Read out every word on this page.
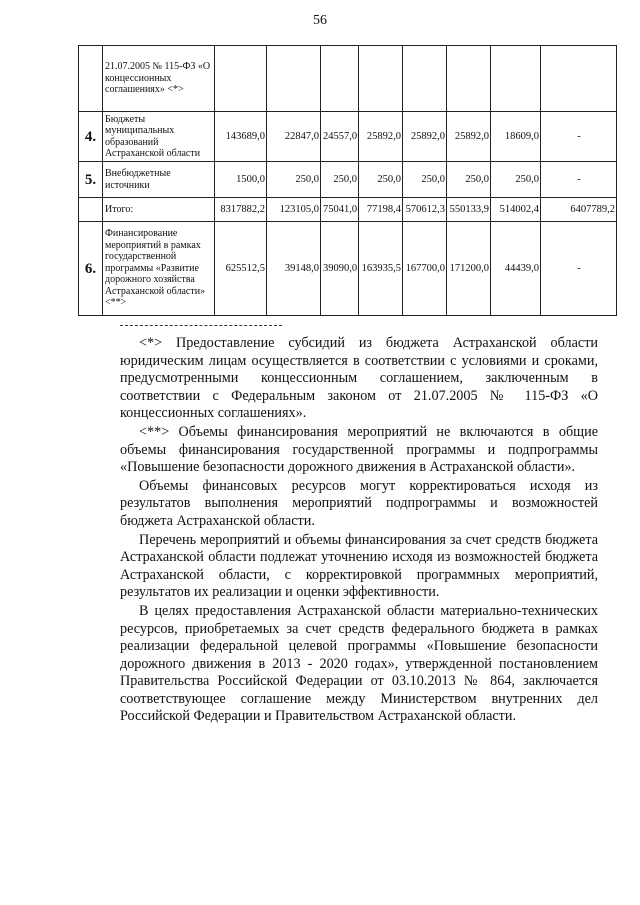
56
	21.07.2005 № 115-ФЗ «О концессионных соглашениях» <*>								
4.	Бюджеты муниципальных образований Астраханской области	143689,0	22847,0	24557,0	25892,0	25892,0	25892,0	18609,0	-
5.	Внебюджетные источники	1500,0	250,0	250,0	250,0	250,0	250,0	250,0	-
	Итого:	8317882,2	123105,0	75041,0	77198,4	570612,3	550133,9	514002,4	6407789,2
6.	Финансирование мероприятий в рамках государственной программы «Развитие дорожного хозяйства Астраханской области» <**>	625512,5	39148,0	39090,0	163935,5	167700,0	171200,0	44439,0	-

<*> Предоставление субсидий из бюджета Астраханской области юридическим лицам осуществляется в соответствии с условиями и сроками, предусмотренными концессионным соглашением, заключенным в соответствии с Федеральным законом от 21.07.2005 № 115-ФЗ «О концессионных соглашениях».

<**> Объемы финансирования мероприятий не включаются в общие объемы финансирования государственной программы и подпрограммы «Повышение безопасности дорожного движения в Астраханской области».

Объемы финансовых ресурсов могут корректироваться исходя из результатов выполнения мероприятий подпрограммы и возможностей бюджета Астраханской области.

Перечень мероприятий и объемы финансирования за счет средств бюджета Астраханской области подлежат уточнению исходя из возможностей бюджета Астраханской области, с корректировкой программных мероприятий, результатов их реализации и оценки эффективности.

В целях предоставления Астраханской области материально-технических ресурсов, приобретаемых за счет средств федерального бюджета в рамках реализации федеральной целевой программы «Повышение безопасности дорожного движения в 2013 - 2020 годах», утвержденной постановлением Правительства Российской Федерации от 03.10.2013 № 864, заключается соответствующее соглашение между Министерством внутренних дел Российской Федерации и Правительством Астраханской области.
